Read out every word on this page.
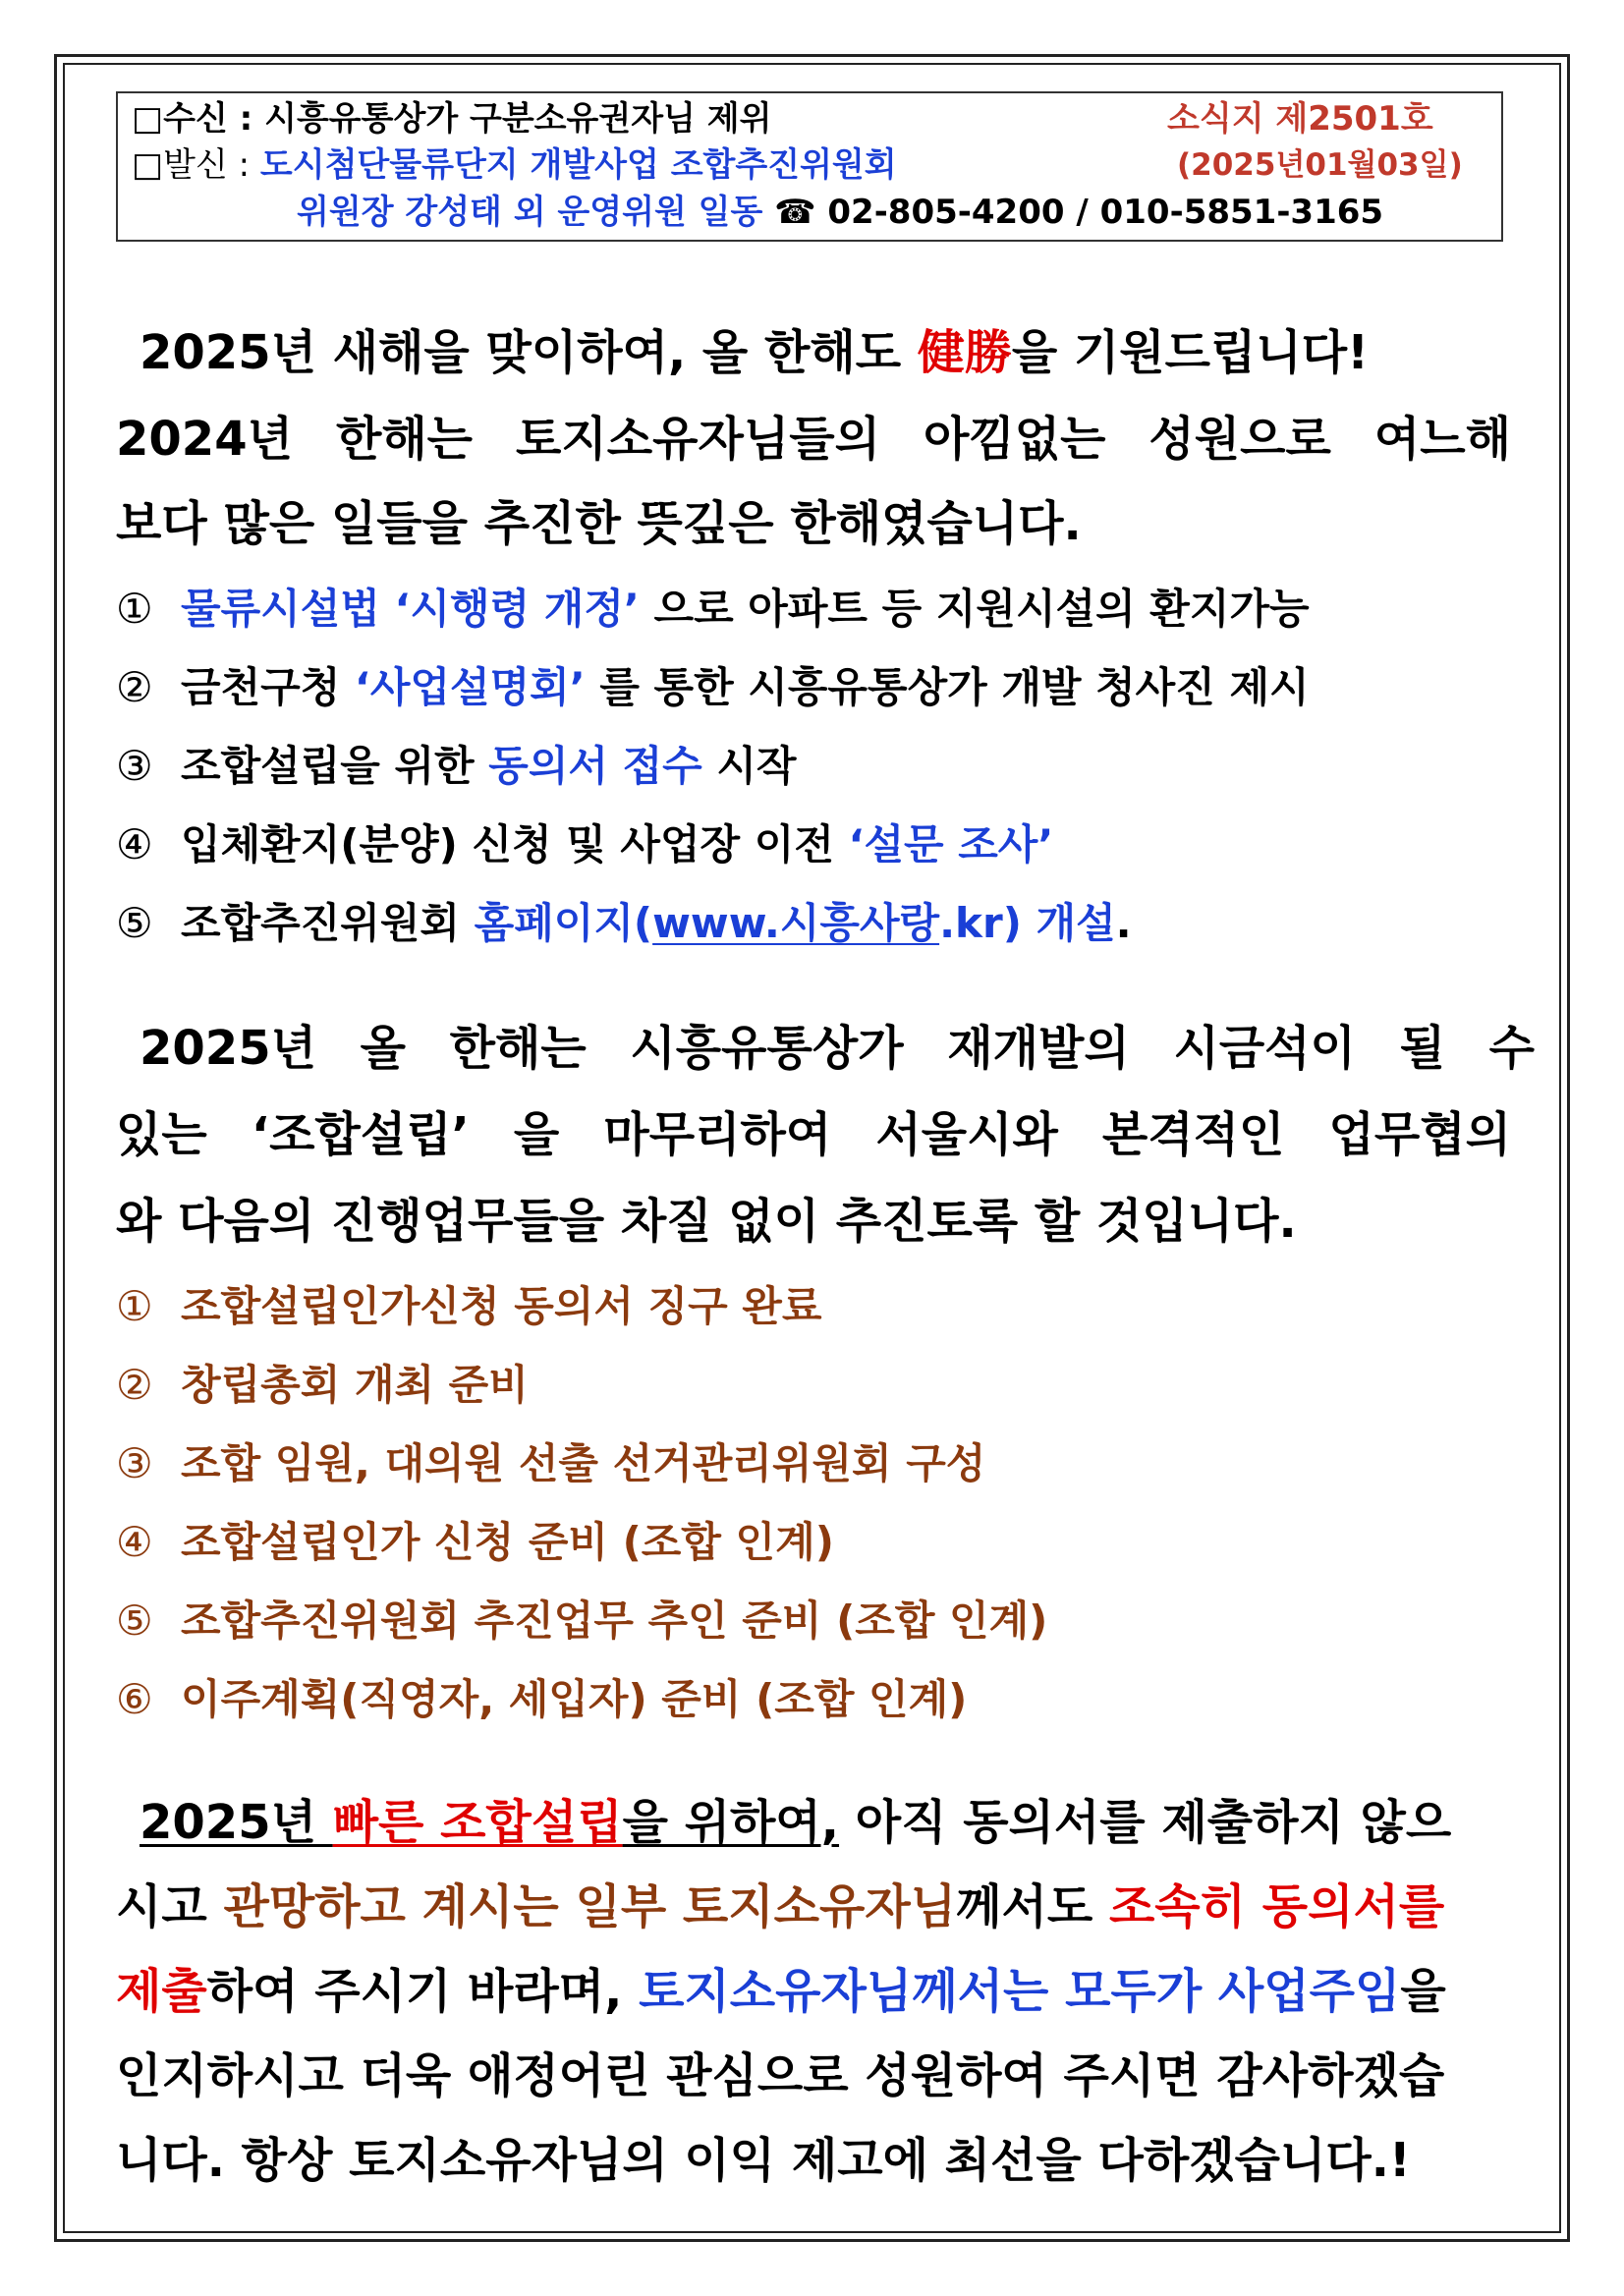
□수신 : 시흥유통상가 구분소유권자님 제위
□발신 : 도시첨단물류단지 개발사업 조합추진위원회
위원장 강성태 외 운영위원 일동 ☎ 02-805-4200 / 010-5851-3165
소식지 제2501호
(2025년01월03일)
2025년 새해을 맞이하여, 올 한해도 健勝을 기원드립니다!
2024년 한해는 토지소유자님들의 아낌없는 성원으로 여느해
보다 많은 일들을 추진한 뜻깊은 한해였습니다.
① 물류시설법 ‘시행령 개정’ 으로 아파트 등 지원시설의 환지가능
② 금천구청 ‘사업설명회’ 를 통한 시흥유통상가 개발 청사진 제시
③ 조합설립을 위한 동의서 접수 시작
④ 입체환지(분양) 신청 및 사업장 이전 ‘설문 조사’
⑤ 조합추진위원회 홈페이지(www.시흥사랑.kr) 개설.
2025년 올 한해는 시흥유통상가 재개발의 시금석이 될 수
있는 ‘조합설립’ 을 마무리하여 서울시와 본격적인 업무협의
와 다음의 진행업무들을 차질 없이 추진토록 할 것입니다.
① 조합설립인가신청 동의서 징구 완료
② 창립총회 개최 준비
③ 조합 임원, 대의원 선출 선거관리위원회 구성
④ 조합설립인가 신청 준비 (조합 인계)
⑤ 조합추진위원회 추진업무 추인 준비 (조합 인계)
⑥ 이주계획(직영자, 세입자) 준비 (조합 인계)
2025년 빠른 조합설립을 위하여, 아직 동의서를 제출하지 않으
시고 관망하고 계시는 일부 토지소유자님께서도 조속히 동의서를
제출하여 주시기 바라며, 토지소유자님께서는 모두가 사업주임을
인지하시고 더욱 애정어린 관심으로 성원하여 주시면 감사하겠습
니다. 항상 토지소유자님의 이익 제고에 최선을 다하겠습니다.!
